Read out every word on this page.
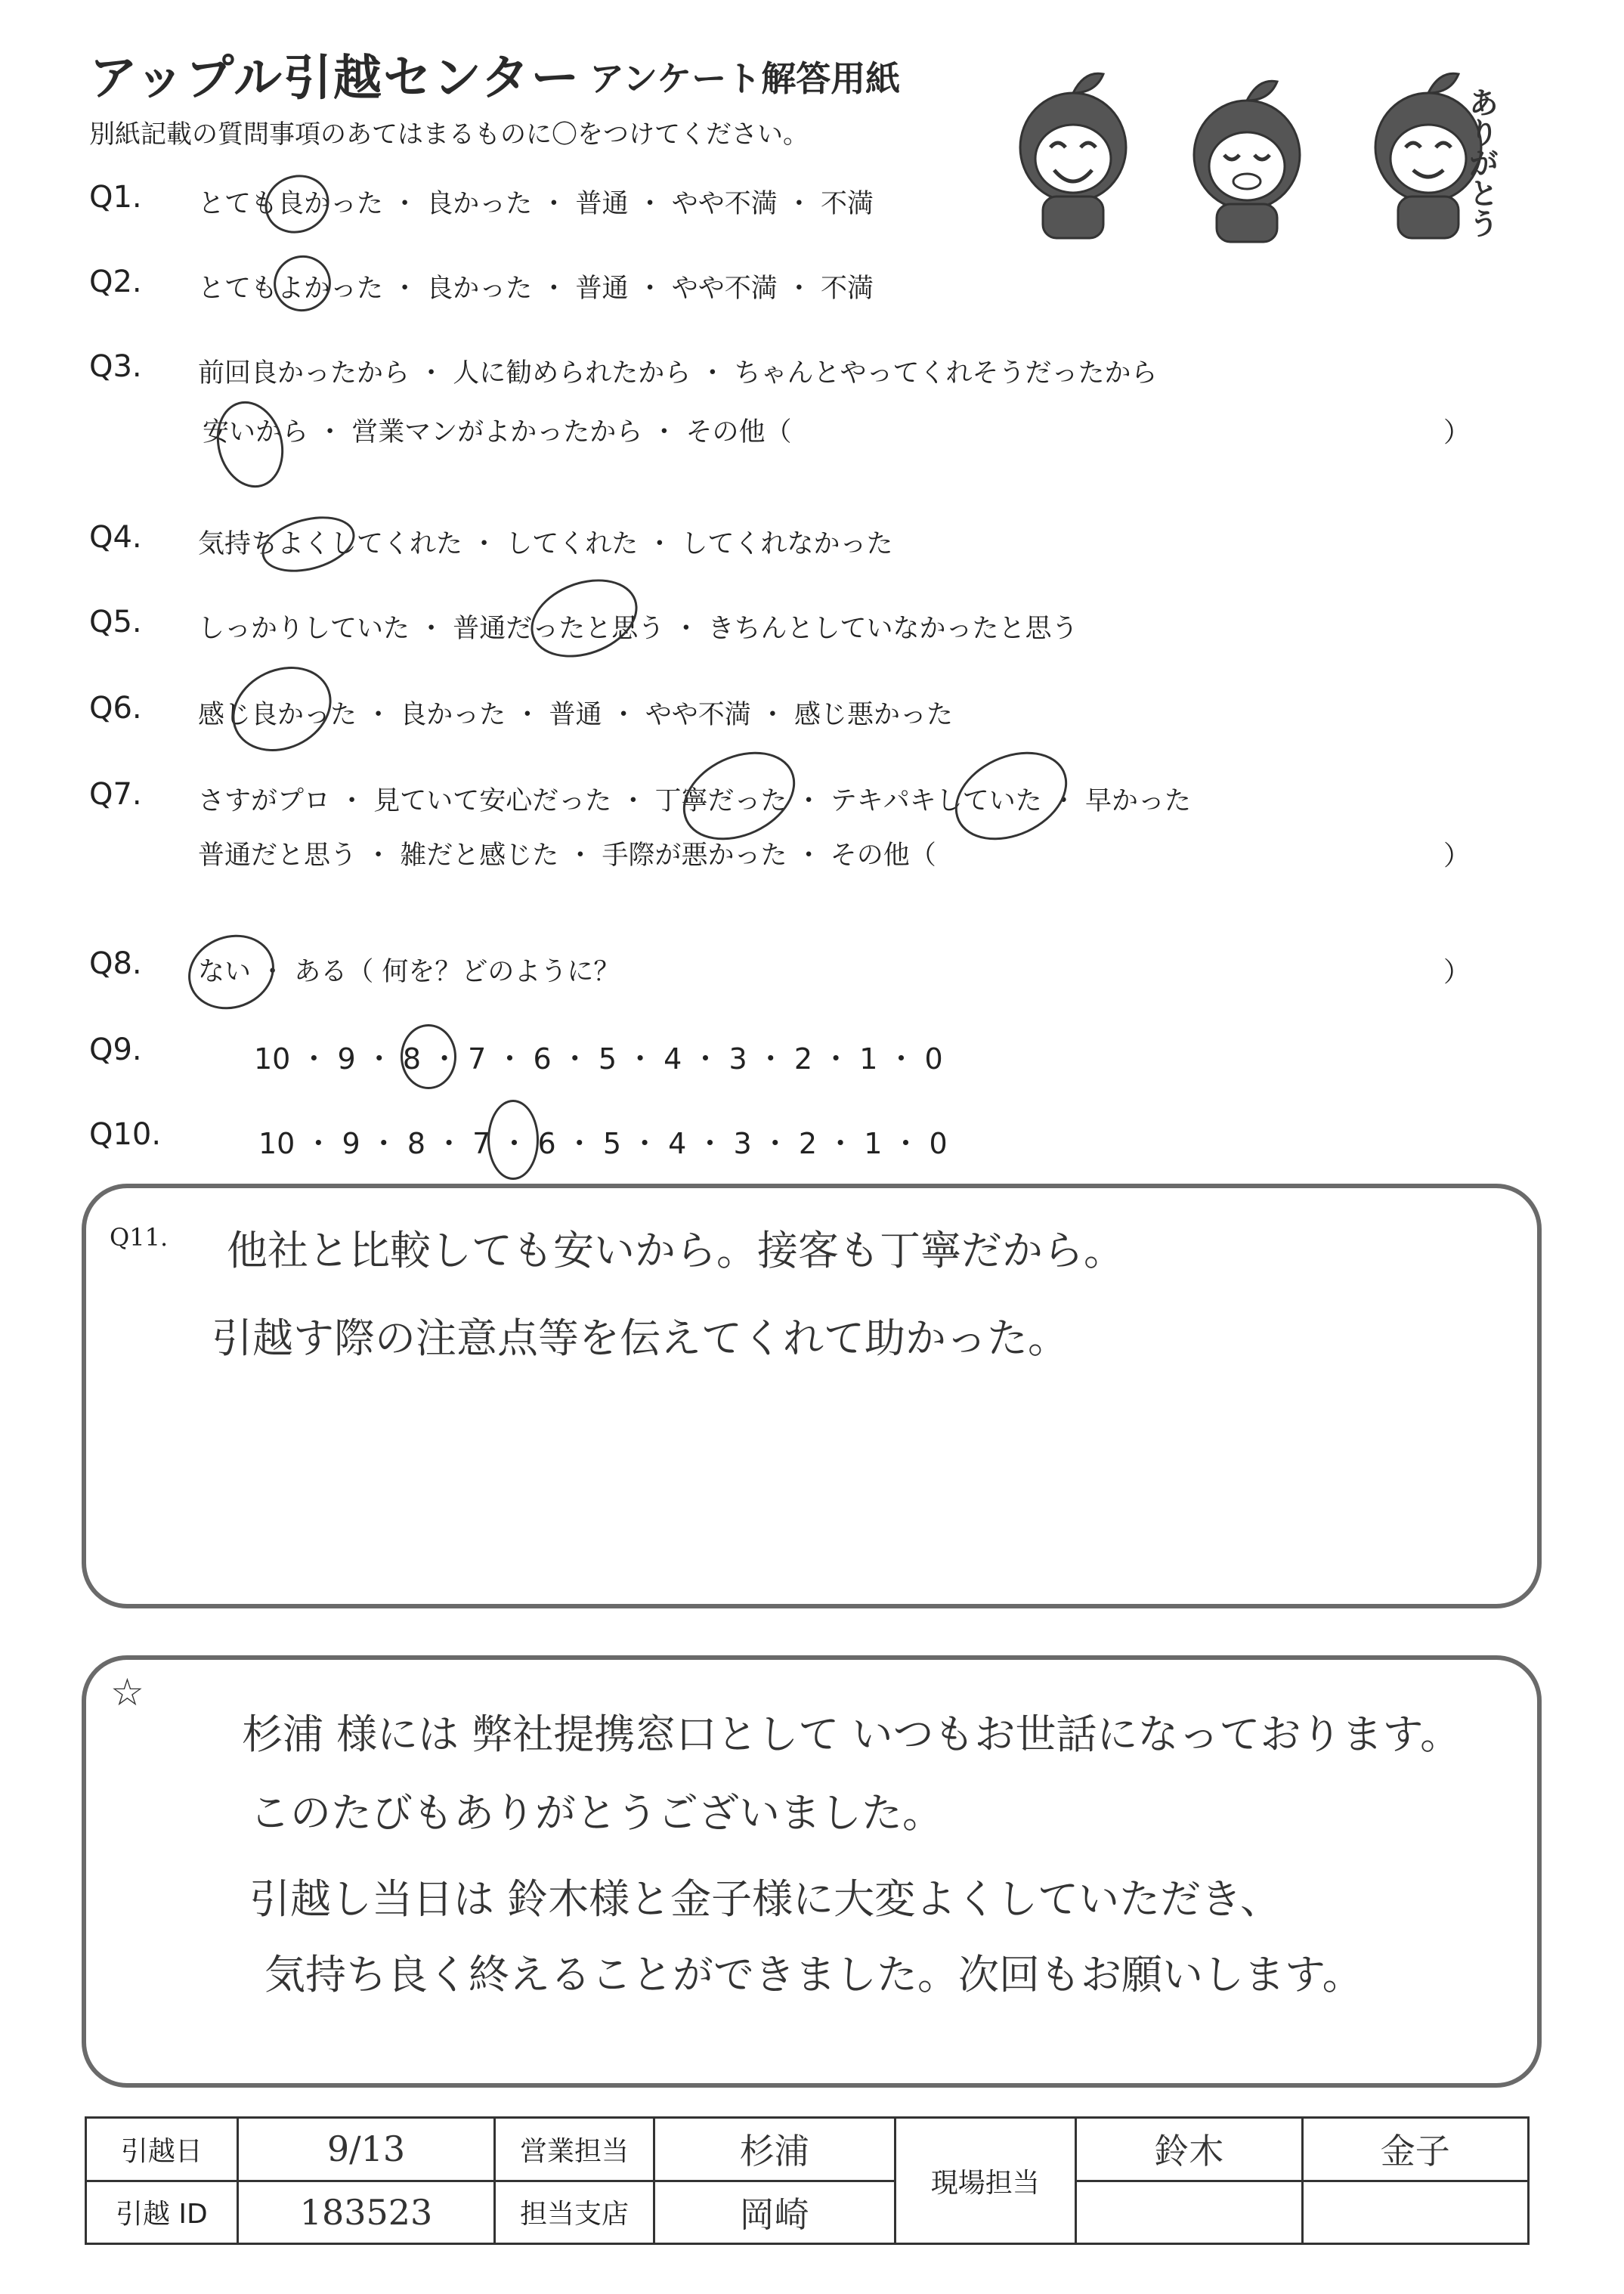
アップル引越センター アンケート解答用紙
別紙記載の質問事項のあてはまるものに〇をつけてください。	ありがとう
Q1. とても良かった ・ 良かった ・ 普通 ・ やや不満 ・ 不満
Q2. とてもよかった ・ 良かった ・ 普通 ・ やや不満 ・ 不満
Q3. 前回良かったから ・ 人に勧められたから ・ ちゃんとやってくれそうだったから
安いから ・ 営業マンがよかったから ・ その他（	）
Q4. 気持ちよくしてくれた ・ してくれた ・ してくれなかった
Q5. しっかりしていた ・ 普通だったと思う ・ きちんとしていなかったと思う
Q6. 感じ良かった ・ 良かった ・ 普通 ・ やや不満 ・ 感じ悪かった
Q7. さすがプロ ・ 見ていて安心だった ・ 丁寧だった ・ テキパキしていた ・ 早かった
普通だと思う ・ 雑だと感じた ・ 手際が悪かった ・ その他（	）
Q8. ない ・ ある（ 何を？どのように？	）
Q9.	10 ・ 9 ・ 8 ・ 7 ・ 6 ・ 5 ・ 4 ・ 3 ・ 2 ・ 1 ・ 0
Q10.	10 ・ 9 ・ 8 ・ 7 ・ 6 ・ 5 ・ 4 ・ 3 ・ 2 ・ 1 ・ 0
Q11. 他社と比較しても安いから。接客も丁寧だから。
引越す際の注意点等を伝えてくれて助かった。
☆
杉浦 様には 弊社提携窓口として いつもお世話になっております。
このたびもありがとうございました。
引越し当日は 鈴木様と金子様に大変よくしていただき、
気持ち良く終えることができました。次回もお願いします。
引越日	9/13	営業担当	杉浦	現場担当	鈴木	金子
引越 ID	183523	担当支店	岡崎			
